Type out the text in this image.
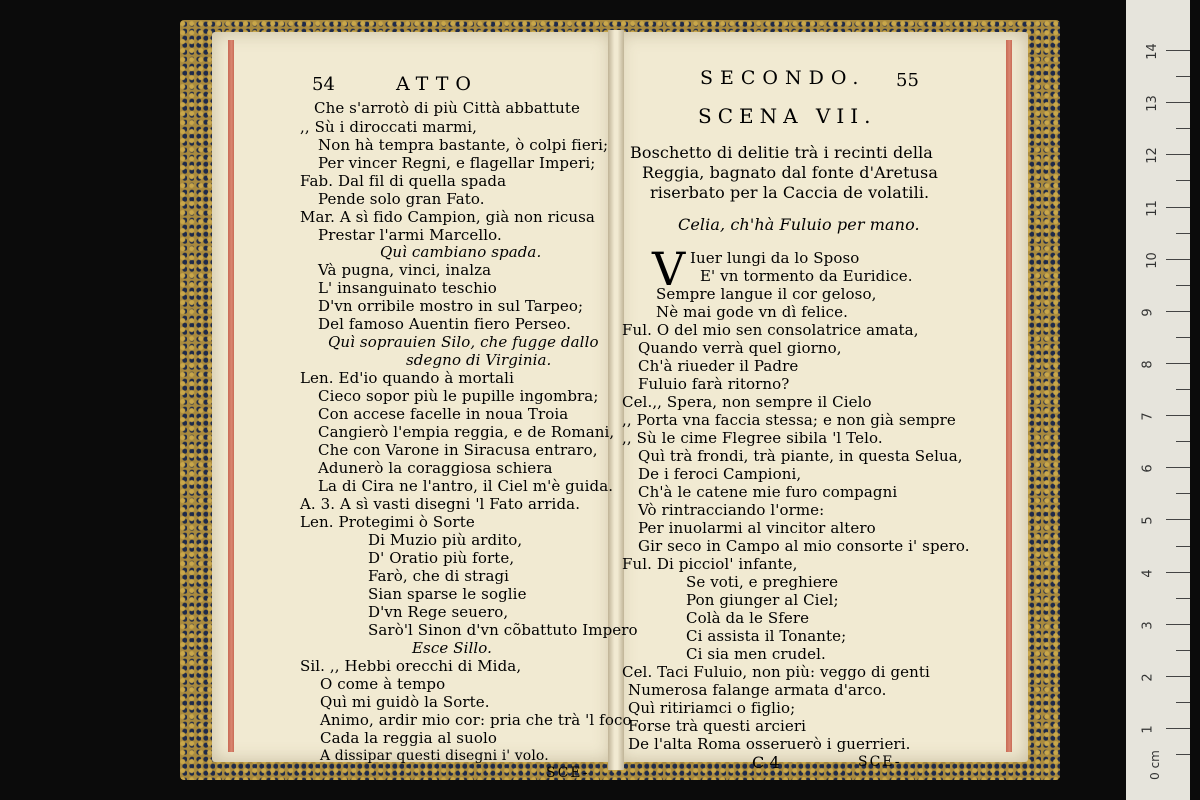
54	ATTO
Che s'arrotò di più Città abbattute
,, Sù i diroccati marmi,
Non hà tempra bastante, ò colpi fieri;
Per vincer Regni, e flagellar Imperi;
Fab. Dal fil di quella spada
Pende solo gran Fato.
Mar. A sì fido Campion, già non ricusa
Prestar l'armi Marcello.
Quì cambiano spada.
Và pugna, vinci, inalza
L' insanguinato teschio
D'vn orribile mostro in sul Tarpeo;
Del famoso Auentin fiero Perseo.
Quì soprauien Silo, che fugge dallo
sdegno di Virginia.
Len. Ed'io quando à mortali
Cieco sopor più le pupille ingombra;
Con accese facelle in noua Troia
Cangierò l'empia reggia, e de Romani,
Che con Varone in Siracusa entraro,
Adunerò la coraggiosa schiera
La di Cira ne l'antro, il Ciel m'è guida.
A. 3. A sì vasti disegni 'l Fato arrida.
Len. Protegimi ò Sorte
Di Muzio più ardito,
D' Oratio più forte,
Farò, che di stragi
Sian sparse le soglie
D'vn Rege seuero,
Sarò'l Sinon d'vn cõbattuto Impero
Esce Sillo.
Sil. ,, Hebbi orecchi di Mida,
O come à tempo
Quì mi guidò la Sorte.
Animo, ardir mio cor: pria che trà 'l foco
Cada la reggia al suolo
A dissipar questi disegni i' volo.
SCE-
SECONDO. 55
SCENA VII.
Boschetto di delitie trà i recinti della
Reggia, bagnato dal fonte d'Aretusa
riserbato per la Caccia de volatili.
Celia, ch'hà Fuluio per mano.
V Iuer lungi da lo Sposo
E' vn tormento da Euridice.
Sempre langue il cor geloso,
Nè mai gode vn dì felice.
Ful. O del mio sen consolatrice amata,
Quando verrà quel giorno,
Ch'à riueder il Padre
Fuluio farà ritorno?
Cel.,, Spera, non sempre il Cielo
,, Porta vna faccia stessa; e non già sempre
,, Sù le cime Flegree sibila 'l Telo.
Quì trà frondi, trà piante, in questa Selua,
De i feroci Campioni,
Ch'à le catene mie furo compagni
Vò rintracciando l'orme:
Per inuolarmi al vincitor altero
Gir seco in Campo al mio consorte i' spero.
Ful. Di picciol' infante,
Se voti, e preghiere
Pon giunger al Ciel;
Colà da le Sfere
Ci assista il Tonante;
Ci sia men crudel.
Cel. Taci Fuluio, non più: veggo di genti
Numerosa falange armata d'arco.
Quì ritiriamci o figlio;
Forse trà questi arcieri
De l'alta Roma osseruerò i guerrieri.
C 4	SCE-
14
13
12
11
10
9
8
7
6
5
4
3
2
1
0 cm
